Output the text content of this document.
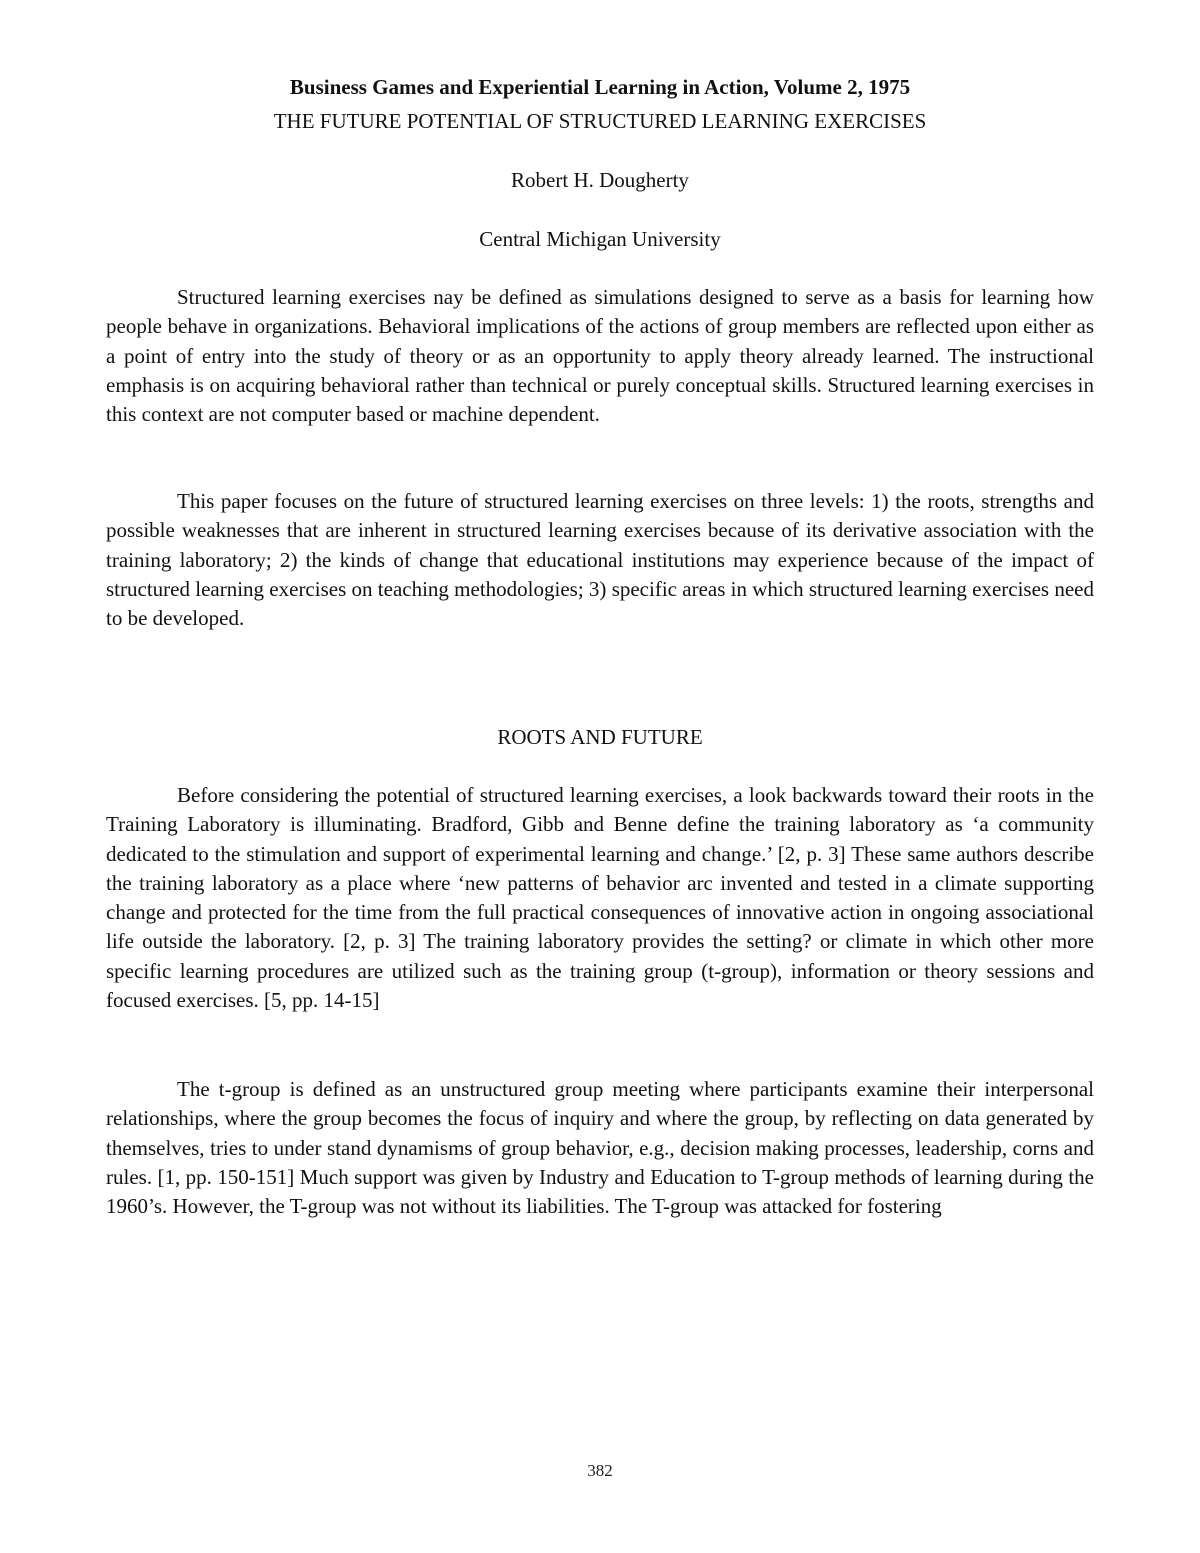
Business Games and Experiential Learning in Action, Volume 2, 1975

THE FUTURE POTENTIAL OF STRUCTURED LEARNING EXERCISES

Robert H. Dougherty

Central Michigan University

Structured learning exercises nay be defined as simulations designed to serve as a basis for learning how people behave in organizations. Behavioral implications of the actions of group members are reflected upon either as a point of entry into the study of theory or as an opportunity to apply theory already learned. The instructional emphasis is on acquiring behavioral rather than technical or purely conceptual skills. Structured learning exercises in this context are not computer based or machine dependent.

This paper focuses on the future of structured learning exercises on three levels: 1) the roots, strengths and possible weaknesses that are inherent in structured learning exercises because of its derivative association with the training laboratory; 2) the kinds of change that educational institutions may experience because of the impact of structured learning exercises on teaching methodologies; 3) specific areas in which structured learning exercises need to be developed.

ROOTS AND FUTURE

Before considering the potential of structured learning exercises, a look backwards toward their roots in the Training Laboratory is illuminating. Bradford, Gibb and Benne define the training laboratory as ‘a community dedicated to the stimulation and support of experimental learning and change.’ [2, p. 3] These same authors describe the training laboratory as a place where ‘new patterns of behavior arc invented and tested in a climate supporting change and protected for the time from the full practical consequences of innovative action in ongoing associational life outside the laboratory. [2, p. 3] The training laboratory provides the setting? or climate in which other more specific learning procedures are utilized such as the training group (t-group), information or theory sessions and focused exercises. [5, pp. 14-15]

The t-group is defined as an unstructured group meeting where participants examine their interpersonal relationships, where the group becomes the focus of inquiry and where the group, by reflecting on data generated by themselves, tries to under stand dynamisms of group behavior, e.g., decision making processes, leadership, corns and rules. [1, pp. 150-151] Much support was given by Industry and Education to T-group methods of learning during the 1960’s. However, the T-group was not without its liabilities. The T-group was attacked for fostering

382
